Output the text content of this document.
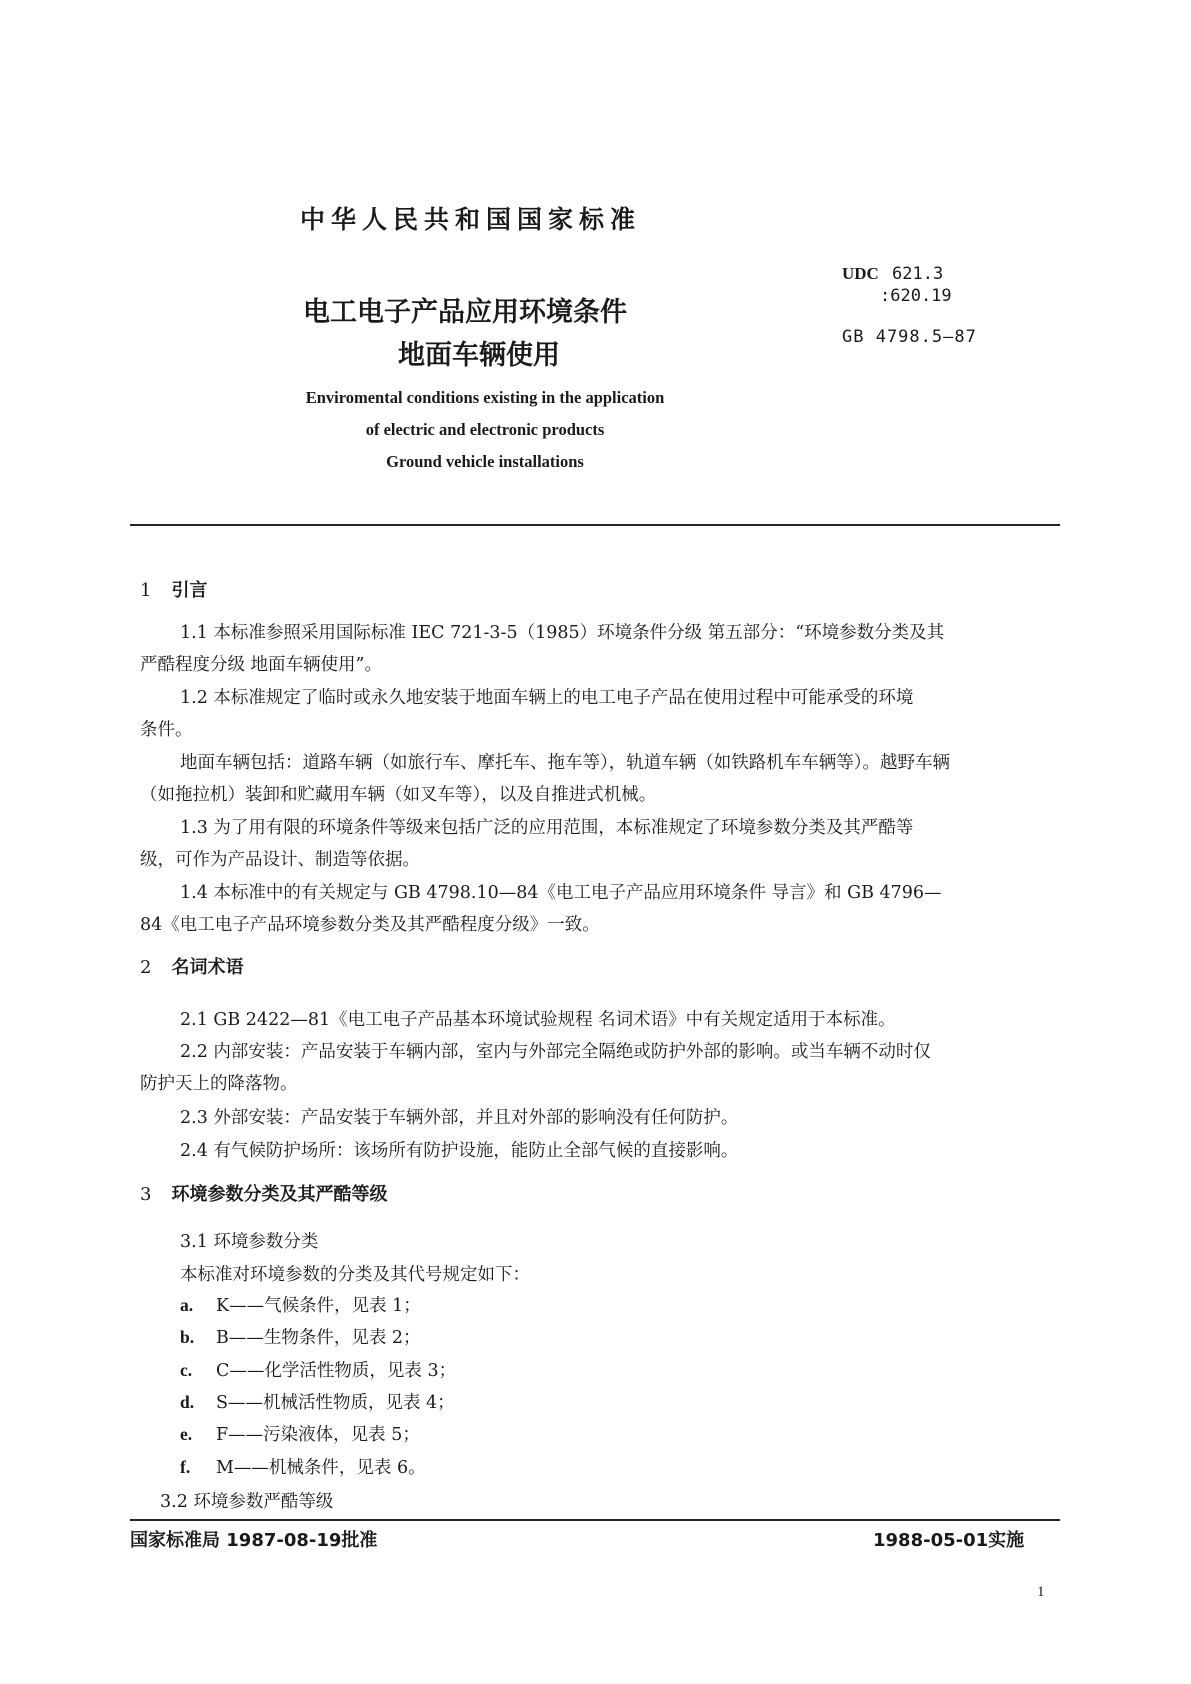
中华人民共和国国家标准
UDC 621.3
:620.19
GB 4798.5—87
电工电子产品应用环境条件
地面车辆使用
Enviromental conditions existing in the application
of electric and electronic products
Ground vehicle installations
1 引言
1.1 本标准参照采用国际标准 IEC 721-3-5（1985）环境条件分级 第五部分：“环境参数分类及其
严酷程度分级 地面车辆使用”。
1.2 本标准规定了临时或永久地安装于地面车辆上的电工电子产品在使用过程中可能承受的环境
条件。
地面车辆包括：道路车辆（如旅行车、摩托车、拖车等），轨道车辆（如铁路机车车辆等）。越野车辆
（如拖拉机）装卸和贮藏用车辆（如叉车等），以及自推进式机械。
1.3 为了用有限的环境条件等级来包括广泛的应用范围，本标准规定了环境参数分类及其严酷等
级，可作为产品设计、制造等依据。
1.4 本标准中的有关规定与 GB 4798.10—84《电工电子产品应用环境条件 导言》和 GB 4796—
84《电工电子产品环境参数分类及其严酷程度分级》一致。
2 名词术语
2.1 GB 2422—81《电工电子产品基本环境试验规程 名词术语》中有关规定适用于本标准。
2.2 内部安装：产品安装于车辆内部，室内与外部完全隔绝或防护外部的影响。或当车辆不动时仅
防护天上的降落物。
2.3 外部安装：产品安装于车辆外部，并且对外部的影响没有任何防护。
2.4 有气候防护场所：该场所有防护设施，能防止全部气候的直接影响。
3 环境参数分类及其严酷等级
3.1 环境参数分类
本标准对环境参数的分类及其代号规定如下：
a. K——气候条件，见表 1；
b. B——生物条件，见表 2；
c. C——化学活性物质，见表 3；
d. S——机械活性物质，见表 4；
e. F——污染液体，见表 5；
f. M——机械条件，见表 6。
3.2 环境参数严酷等级
国家标准局 1987-08-19批准	1988-05-01实施
1
